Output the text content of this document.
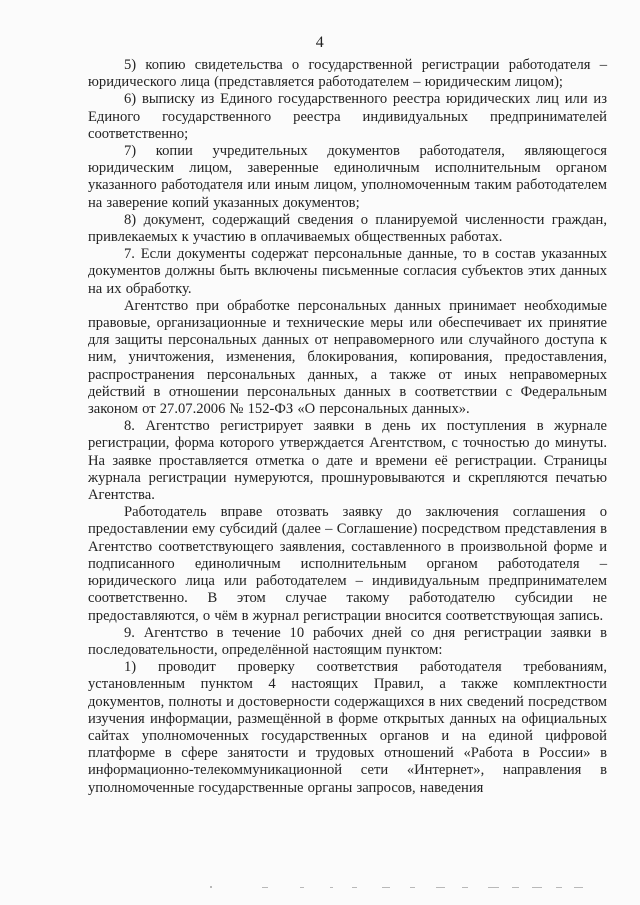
4

5) копию свидетельства о государственной регистрации работодателя – юридического лица (представляется работодателем – юридическим лицом);

6) выписку из Единого государственного реестра юридических лиц или из Единого государственного реестра индивидуальных предпринимателей соответственно;

7) копии учредительных документов работодателя, являющегося юридическим лицом, заверенные единоличным исполнительным органом указанного работодателя или иным лицом, уполномоченным таким работодателем на заверение копий указанных документов;

8) документ, содержащий сведения о планируемой численности граждан, привлекаемых к участию в оплачиваемых общественных работах.

7. Если документы содержат персональные данные, то в состав указанных документов должны быть включены письменные согласия субъектов этих данных на их обработку.

Агентство при обработке персональных данных принимает необходимые правовые, организационные и технические меры или обеспечивает их принятие для защиты персональных данных от неправомерного или случайного доступа к ним, уничтожения, изменения, блокирования, копирования, предоставления, распространения персональных данных, а также от иных неправомерных действий в отношении персональных данных в соответствии с Федеральным законом от 27.07.2006 № 152-ФЗ «О персональных данных».

8. Агентство регистрирует заявки в день их поступления в журнале регистрации, форма которого утверждается Агентством, с точностью до минуты. На заявке проставляется отметка о дате и времени её регистрации. Страницы журнала регистрации нумеруются, прошнуровываются и скрепляются печатью Агентства.

Работодатель вправе отозвать заявку до заключения соглашения о предоставлении ему субсидий (далее – Соглашение) посредством представления в Агентство соответствующего заявления, составленного в произвольной форме и подписанного единоличным исполнительным органом работодателя – юридического лица или работодателем – индивидуальным предпринимателем соответственно. В этом случае такому работодателю субсидии не предоставляются, о чём в журнал регистрации вносится соответствующая запись.

9. Агентство в течение 10 рабочих дней со дня регистрации заявки в последовательности, определённой настоящим пунктом:

1) проводит проверку соответствия работодателя требованиям, установленным пунктом 4 настоящих Правил, а также комплектности документов, полноты и достоверности содержащихся в них сведений посредством изучения информации, размещённой в форме открытых данных на официальных сайтах уполномоченных государственных органов и на единой цифровой платформе в сфере занятости и трудовых отношений «Работа в России» в информационно-телекоммуникационной сети «Интернет», направления в уполномоченные государственные органы запросов, наведения
